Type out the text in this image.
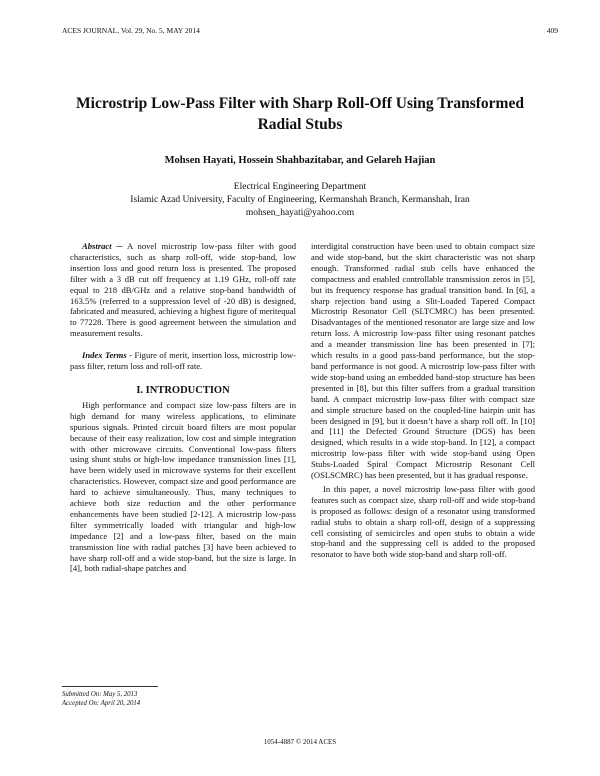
ACES JOURNAL, Vol. 29, No. 5, MAY 2014	409
Microstrip Low-Pass Filter with Sharp Roll-Off Using Transformed
Radial Stubs

Mohsen Hayati, Hossein Shahbazitabar, and Gelareh Hajian

Electrical Engineering Department
Islamic Azad University, Faculty of Engineering, Kermanshah Branch, Kermanshah, Iran
mohsen_hayati@yahoo.com

Abstract ─ A novel microstrip low-pass filter with good characteristics, such as sharp roll-off, wide stop-band, low insertion loss and good return loss is presented. The proposed filter with a 3 dB cut off frequency at 1.19 GHz, roll-off rate equal to 218 dB/GHz and a relative stop-band bandwidth of 163.5% (referred to a suppression level of -20 dB) is designed, fabricated and measured, achieving a highest figure of meritequal to 77228. There is good agreement between the simulation and measurement results.

Index Terms - Figure of merit, insertion loss, microstrip low-pass filter, return loss and roll-off rate.

I. INTRODUCTION

High performance and compact size low-pass filters are in high demand for many wireless applications, to eliminate spurious signals. Printed circuit board filters are most popular because of their easy realization, low cost and simple integration with other microwave circuits. Conventional low-pass filters using shunt stubs or high-low impedance transmission lines [1], have been widely used in microwave systems for their excellent characteristics. However, compact size and good performance are hard to achieve simultaneously. Thus, many techniques to achieve both size reduction and the other performance enhancements have been studied [2-12]. A microstrip low-pass filter symmetrically loaded with triangular and high-low impedance [2] and a low-pass filter, based on the main transmission line with radial patches [3] have been achieved to have sharp roll-off and a wide stop-band, but the size is large. In [4], both radial-shape patches and

interdigital construction have been used to obtain compact size and wide stop-band, but the skirt characteristic was not sharp enough. Transformed radial stub cells have enhanced the compactness and enabled controllable transmission zeros in [5], but its frequency response has gradual transition band. In [6], a sharp rejection band using a Slit-Loaded Tapered Compact Microstrip Resonator Cell (SLTCMRC) has been presented. Disadvantages of the mentioned resonator are large size and low return loss. A microstrip low-pass filter using resonant patches and a meander transmission line has been presented in [7]; which results in a good pass-band performance, but the stop-band performance is not good. A microstrip low-pass filter with wide stop-band using an embedded band-stop structure has been presented in [8], but this filter suffers from a gradual transition band. A compact microstrip low-pass filter with compact size and simple structure based on the coupled-line hairpin unit has been designed in [9], but it doesn’t have a sharp roll off. In [10] and [11] the Defected Ground Structure (DGS) has been designed, which results in a wide stop-band. In [12], a compact microstrip low-pass filter with wide stop-band using Open Stubs-Loaded Spiral Compact Microstrip Resonant Cell (OSLSCMRC) has been presented, but it has gradual response.

In this paper, a novel microstrip low-pass filter with good features such as compact size, sharp roll-off and wide stop-band is proposed as follows: design of a resonator using transformed radial stubs to obtain a sharp roll-off, design of a suppressing cell consisting of semicircles and open stubs to obtain a wide stop-band and the suppressing cell is added to the proposed resonator to have both wide stop-band and sharp roll-off.

Submitted On: May 5, 2013
Accepted On: April 20, 2014
1054-4887 © 2014 ACES
